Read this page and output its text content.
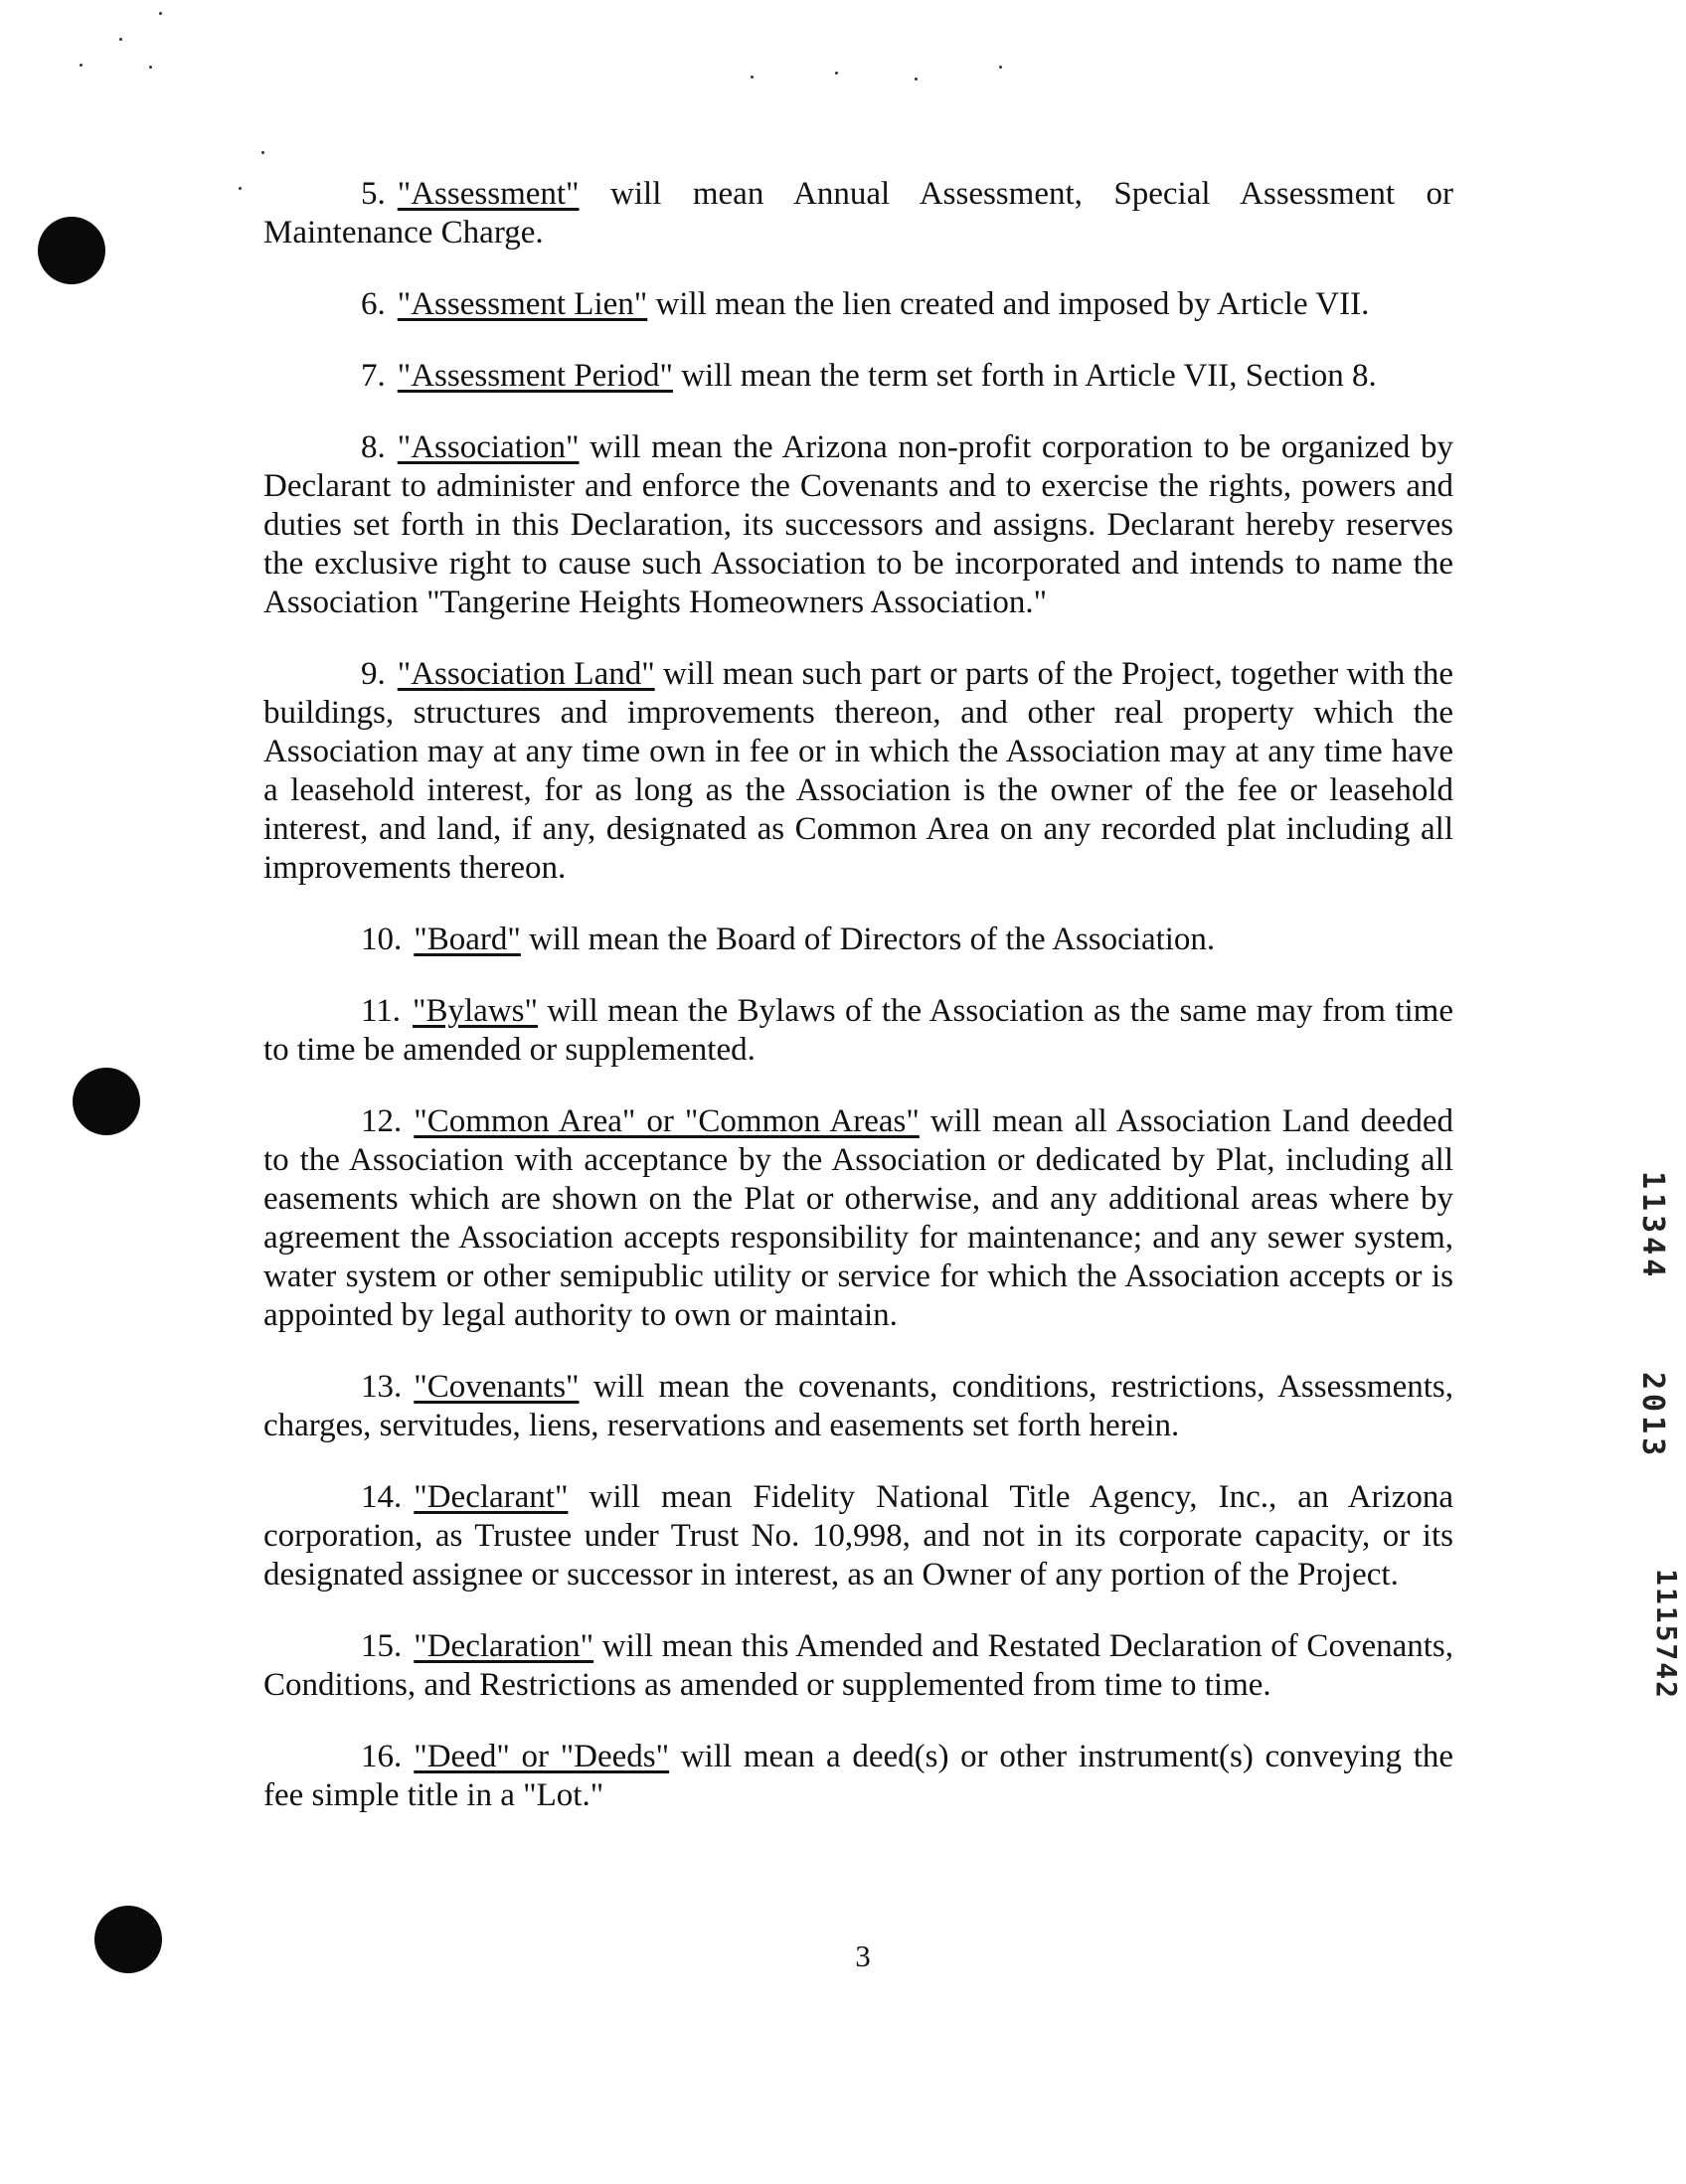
5. "Assessment" will mean Annual Assessment, Special Assessment or Maintenance Charge.

6. "Assessment Lien" will mean the lien created and imposed by Article VII.

7. "Assessment Period" will mean the term set forth in Article VII, Section 8.

8. "Association" will mean the Arizona non-profit corporation to be organized by Declarant to administer and enforce the Covenants and to exercise the rights, powers and duties set forth in this Declaration, its successors and assigns. Declarant hereby reserves the exclusive right to cause such Association to be incorporated and intends to name the Association "Tangerine Heights Homeowners Association."

9. "Association Land" will mean such part or parts of the Project, together with the buildings, structures and improvements thereon, and other real property which the Association may at any time own in fee or in which the Association may at any time have a leasehold interest, for as long as the Association is the owner of the fee or leasehold interest, and land, if any, designated as Common Area on any recorded plat including all improvements thereon.

10. "Board" will mean the Board of Directors of the Association.

11. "Bylaws" will mean the Bylaws of the Association as the same may from time to time be amended or supplemented.

12. "Common Area" or "Common Areas" will mean all Association Land deeded to the Association with acceptance by the Association or dedicated by Plat, including all easements which are shown on the Plat or otherwise, and any additional areas where by agreement the Association accepts responsibility for maintenance; and any sewer system, water system or other semipublic utility or service for which the Association accepts or is appointed by legal authority to own or maintain.

13. "Covenants" will mean the covenants, conditions, restrictions, Assessments, charges, servitudes, liens, reservations and easements set forth herein.

14. "Declarant" will mean Fidelity National Title Agency, Inc., an Arizona corporation, as Trustee under Trust No. 10,998, and not in its corporate capacity, or its designated assignee or successor in interest, as an Owner of any portion of the Project.

15. "Declaration" will mean this Amended and Restated Declaration of Covenants, Conditions, and Restrictions as amended or supplemented from time to time.

16. "Deed" or "Deeds" will mean a deed(s) or other instrument(s) conveying the fee simple title in a "Lot."

3
11344
2013
1115742
